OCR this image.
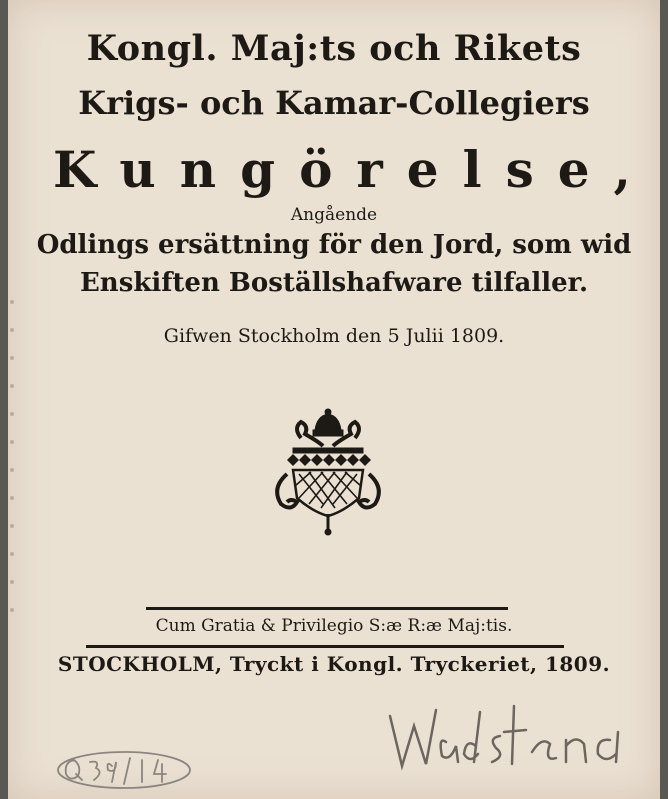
Kongl. Maj:ts och Rikets
Krigs- och Kamar-Collegiers
Kungörelse,
Angående
Odlings ersättning för den Jord, som wid
Enskiften Boställshafware tilfaller.
Gifwen Stockholm den 5 Julii 1809.
Cum Gratia & Privilegio S:æ R:æ Maj:tis.
STOCKHOLM, Tryckt i Kongl. Tryckeriet, 1809.
